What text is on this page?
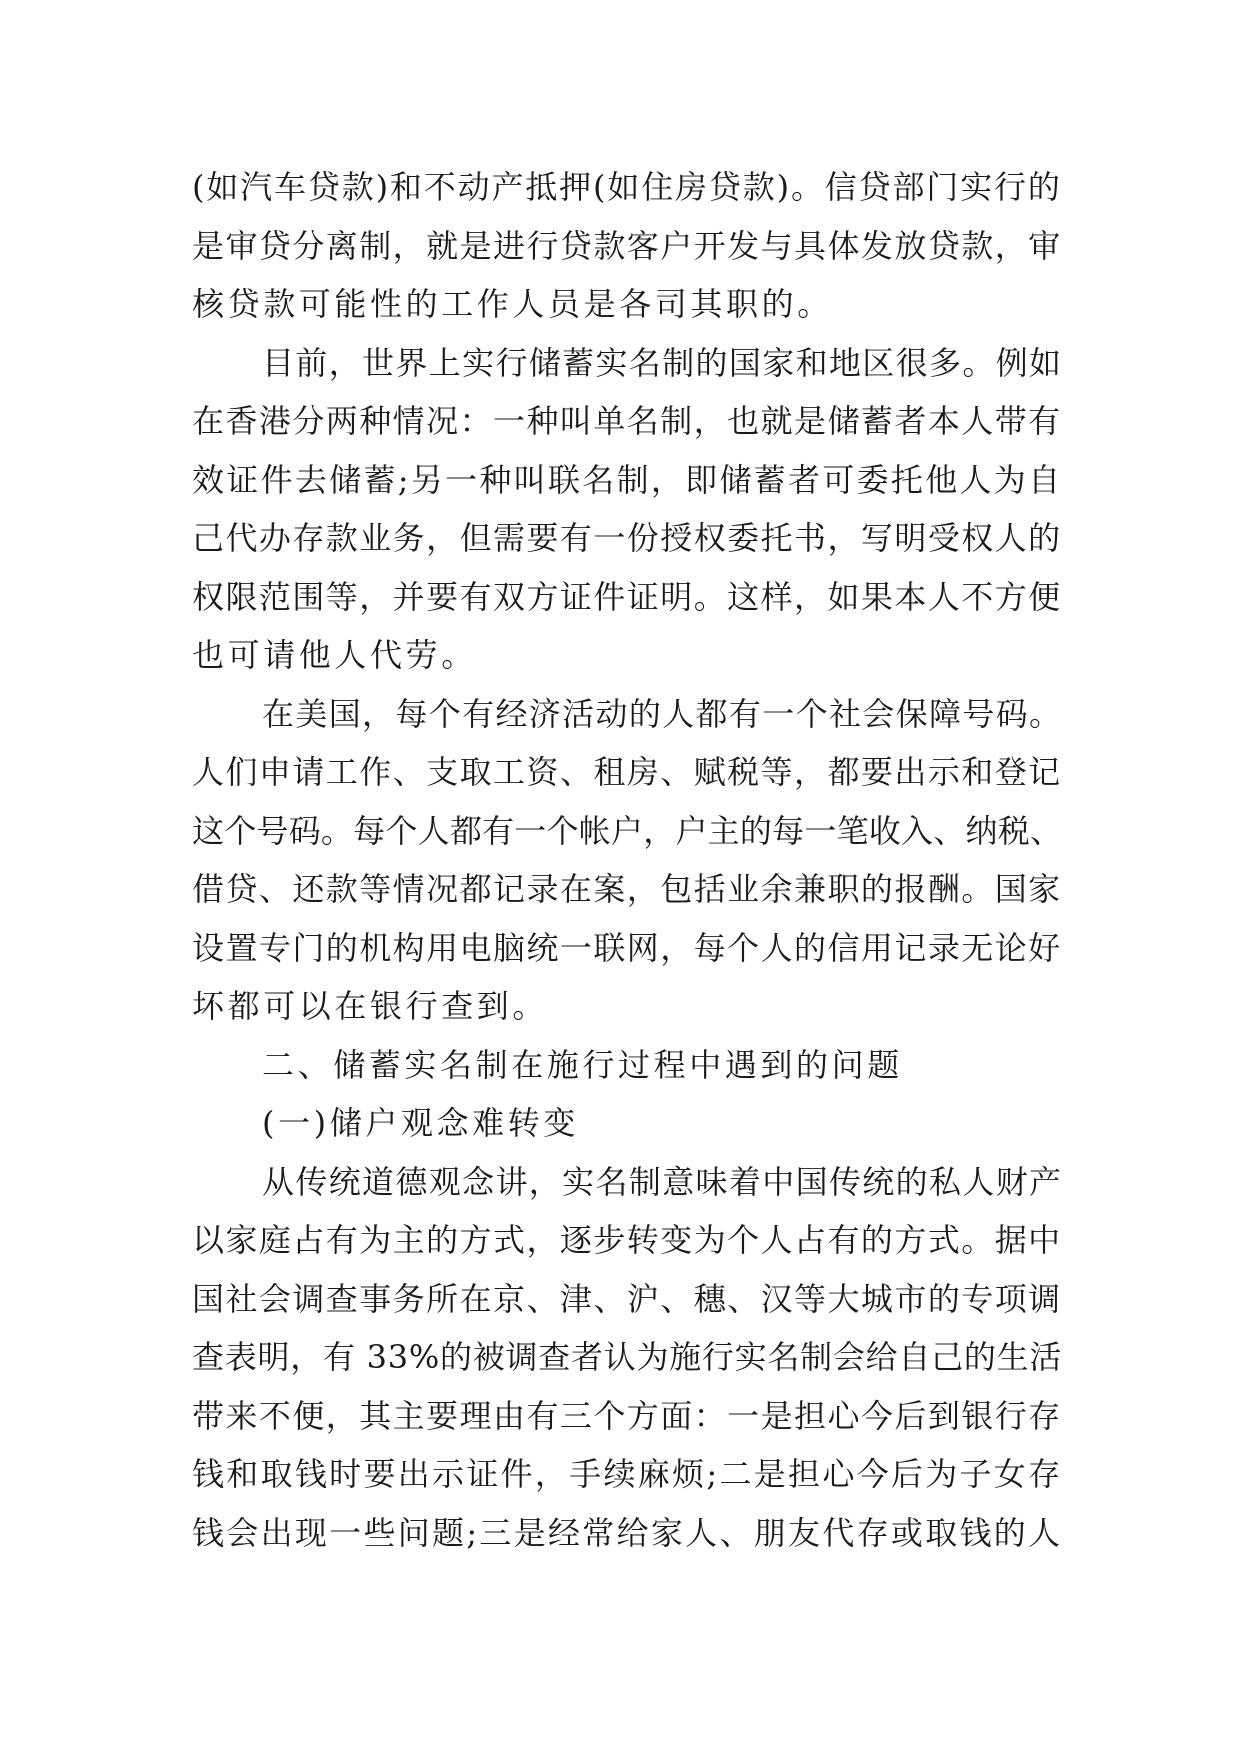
(如汽车贷款)和不动产抵押(如住房贷款)。信贷部门实行的
是审贷分离制，就是进行贷款客户开发与具体发放贷款，审
核贷款可能性的工作人员是各司其职的。
目前，世界上实行储蓄实名制的国家和地区很多。例如
在香港分两种情况：一种叫单名制，也就是储蓄者本人带有
效证件去储蓄;另一种叫联名制，即储蓄者可委托他人为自
己代办存款业务，但需要有一份授权委托书，写明受权人的
权限范围等，并要有双方证件证明。这样，如果本人不方便
也可请他人代劳。
在美国，每个有经济活动的人都有一个社会保障号码。
人们申请工作、支取工资、租房、赋税等，都要出示和登记
这个号码。每个人都有一个帐户，户主的每一笔收入、纳税、
借贷、还款等情况都记录在案，包括业余兼职的报酬。国家
设置专门的机构用电脑统一联网，每个人的信用记录无论好
坏都可以在银行查到。
二、储蓄实名制在施行过程中遇到的问题
(一)储户观念难转变
从传统道德观念讲，实名制意味着中国传统的私人财产
以家庭占有为主的方式，逐步转变为个人占有的方式。据中
国社会调查事务所在京、津、沪、穗、汉等大城市的专项调
查表明，有 33%的被调查者认为施行实名制会给自己的生活
带来不便，其主要理由有三个方面：一是担心今后到银行存
钱和取钱时要出示证件，手续麻烦;二是担心今后为子女存
钱会出现一些问题;三是经常给家人、朋友代存或取钱的人
